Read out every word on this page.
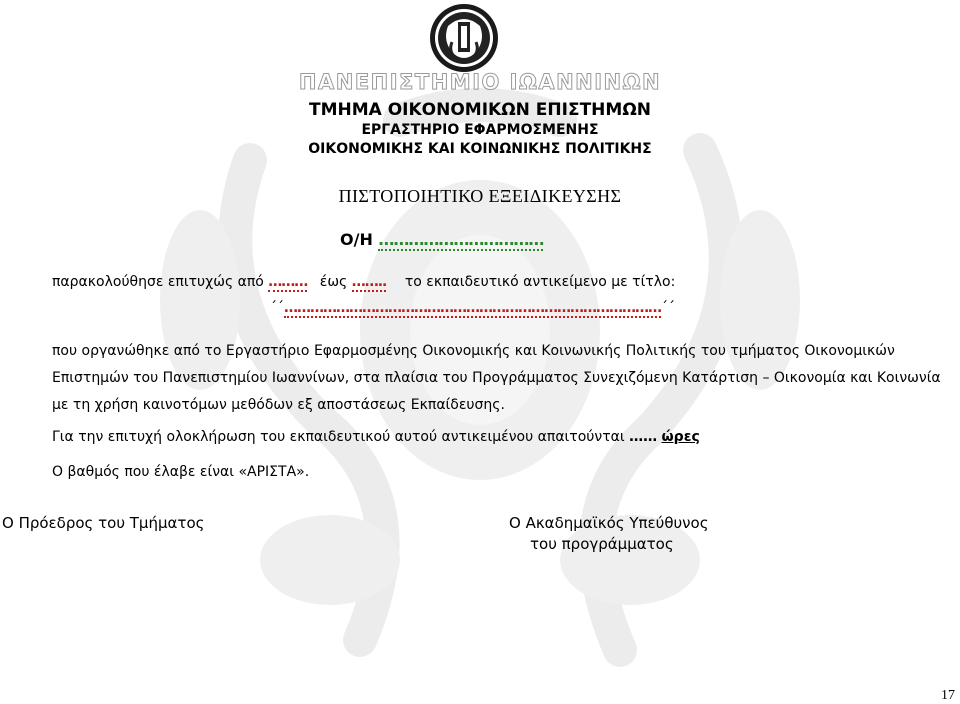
ΠΑΝΕΠΙΣΤΗΜΙΟ ΙΩΑΝΝΙΝΩΝ
ΤΜΗΜΑ ΟΙΚΟΝΟΜΙΚΩΝ ΕΠΙΣΤΗΜΩΝ
ΕΡΓΑΣΤΗΡΙΟ ΕΦΑΡΜΟΣΜΕΝΗΣ
ΟΙΚΟΝΟΜΙΚΗΣ ΚΑΙ ΚΟΙΝΩΝΙΚΗΣ ΠΟΛΙΤΙΚΗΣ
ΠΙΣΤΟΠΟΙΗΤΙΚΟ ΕΞΕΙΔΙΚΕΥΣΗΣ
Ο/Η ……………………………
παρακολούθησε επιτυχώς από ……… έως …….. το εκπαιδευτικό αντικείμενο με τίτλο:
΄΄……………………………………………………………………………΄΄
που οργανώθηκε από το Εργαστήριο Εφαρμοσμένης Οικονομικής και Κοινωνικής Πολιτικής του τμήματος Οικονομικών
Επιστημών του Πανεπιστημίου Ιωαννίνων, στα πλαίσια του Προγράμματος Συνεχιζόμενη Κατάρτιση – Οικονομία και Κοινωνία
με τη χρήση καινοτόμων μεθόδων εξ αποστάσεως Εκπαίδευσης.
Για την επιτυχή ολοκλήρωση του εκπαιδευτικού αυτού αντικειμένου απαιτούνται …… ώρες
Ο βαθμός που έλαβε είναι «ΑΡΙΣΤΑ».
Ο Πρόεδρος του Τμήματος	Ο Ακαδημαϊκός Υπεύθυνος
του προγράμματος
17
